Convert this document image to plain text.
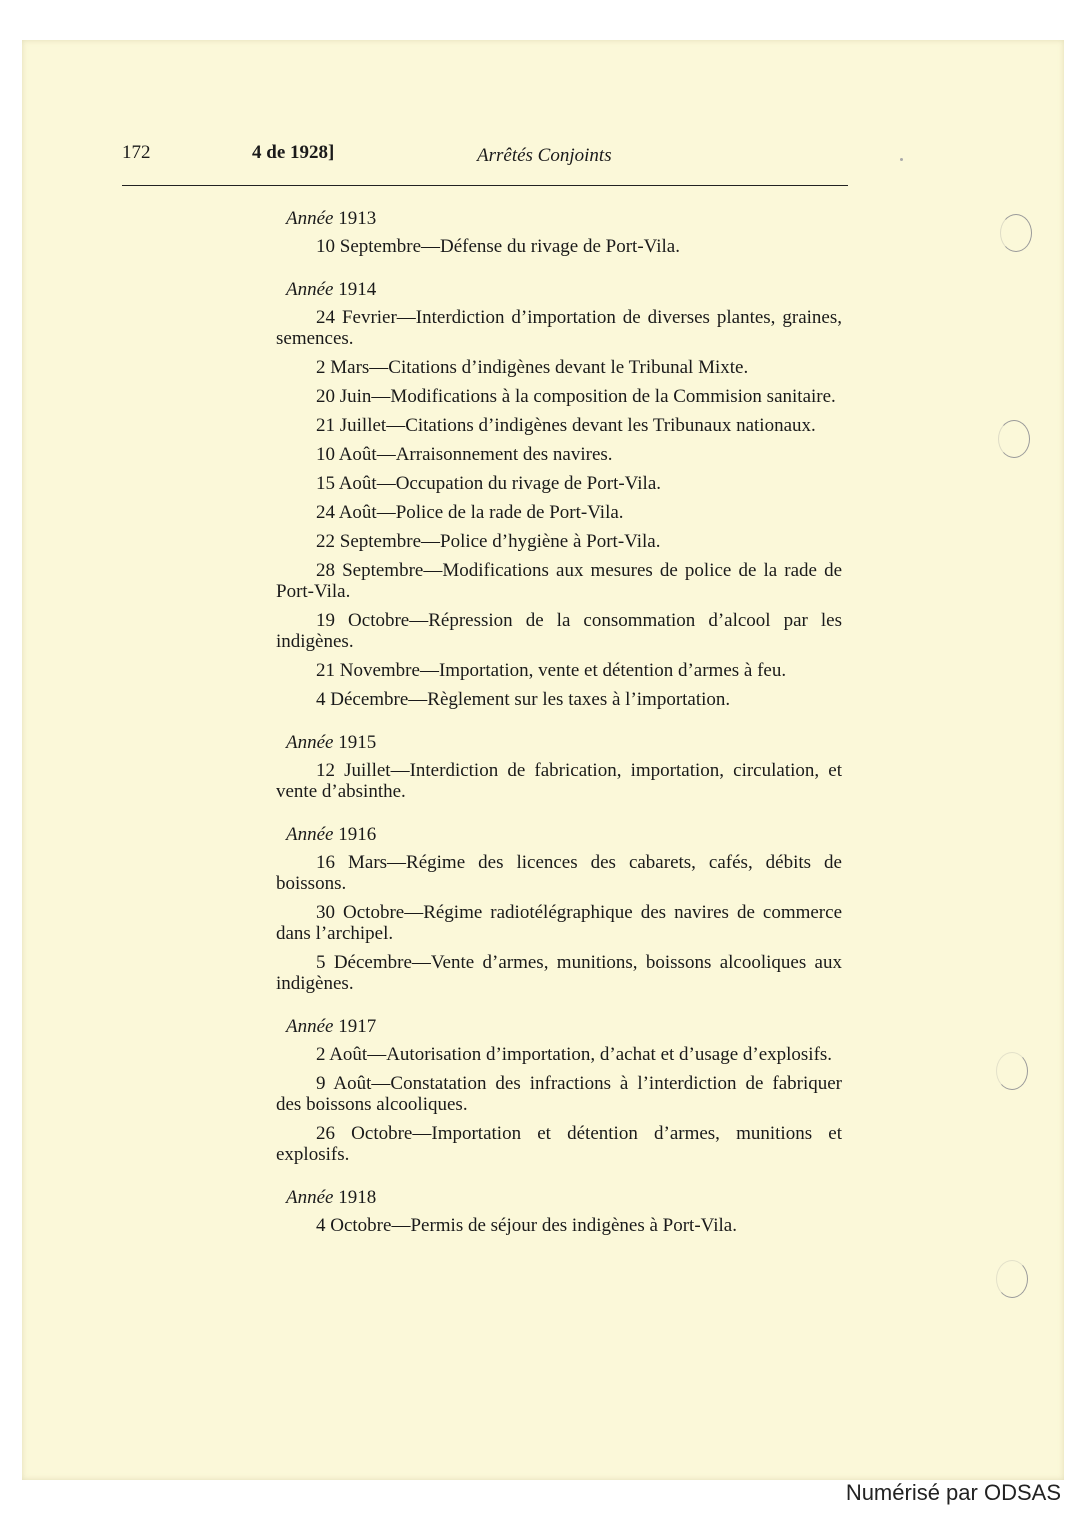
172	4 de 1928]	Arrêtés Conjoints
Année 1913

10 Septembre—Défense du rivage de Port-Vila.

Année 1914

24 Fevrier—Interdiction d’importation de diverses plantes, graines, semences.

2 Mars—Citations d’indigènes devant le Tribunal Mixte.

20 Juin—Modifications à la composition de la Commision sanitaire.

21 Juillet—Citations d’indigènes devant les Tribunaux nationaux.

10 Août—Arraisonnement des navires.

15 Août—Occupation du rivage de Port-Vila.

24 Août—Police de la rade de Port-Vila.

22 Septembre—Police d’hygiène à Port-Vila.

28 Septembre—Modifications aux mesures de police de la rade de Port-Vila.

19 Octobre—Répression de la consommation d’alcool par les indigènes.

21 Novembre—Importation, vente et détention d’armes à feu.

4 Décembre—Règlement sur les taxes à l’importation.

Année 1915

12 Juillet—Interdiction de fabrication, importation, circulation, et vente d’absinthe.

Année 1916

16 Mars—Régime des licences des cabarets, cafés, débits de boissons.

30 Octobre—Régime radiotélégraphique des navires de commerce dans l’archipel.

5 Décembre—Vente d’armes, munitions, boissons alcooliques aux indigènes.

Année 1917

2 Août—Autorisation d’importation, d’achat et d’usage d’explosifs.

9 Août—Constatation des infractions à l’interdiction de fabriquer des boissons alcooliques.

26 Octobre—Importation et détention d’armes, munitions et explosifs.

Année 1918

4 Octobre—Permis de séjour des indigènes à Port-Vila.

Numérisé par ODSAS
